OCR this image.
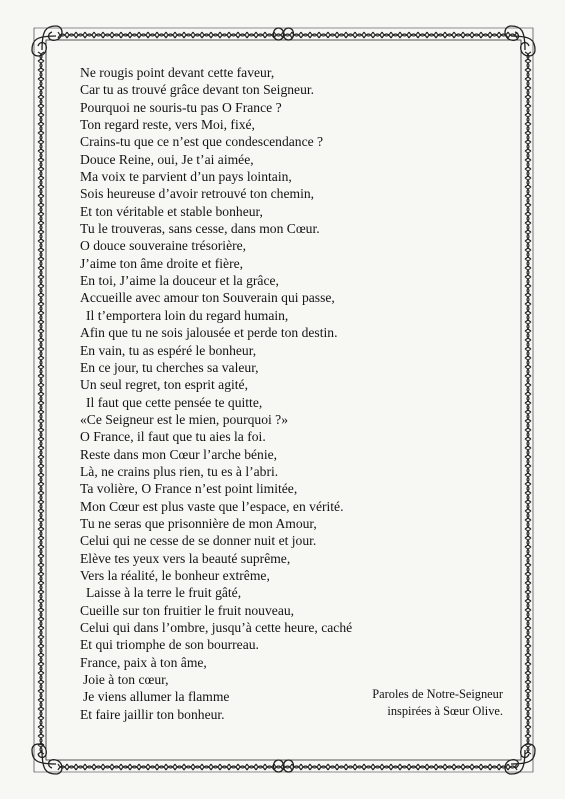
Ne rougis point devant cette faveur,
Car tu as trouvé grâce devant ton Seigneur.
Pourquoi ne souris-tu pas O France ?
Ton regard reste, vers Moi, fixé,
Crains-tu que ce n’est que condescendance ?
Douce Reine, oui, Je t’ai aimée,
Ma voix te parvient d’un pays lointain,
Sois heureuse d’avoir retrouvé ton chemin,
Et ton véritable et stable bonheur,
Tu le trouveras, sans cesse, dans mon Cœur.
O douce souveraine trésorière,
J’aime ton âme droite et fière,
En toi, J’aime la douceur et la grâce,
Accueille avec amour ton Souverain qui passe,
Il t’emportera loin du regard humain,
Afin que tu ne sois jalousée et perde ton destin.
En vain, tu as espéré le bonheur,
En ce jour, tu cherches sa valeur,
Un seul regret, ton esprit agité,
Il faut que cette pensée te quitte,
«Ce Seigneur est le mien, pourquoi ?»
O France, il faut que tu aies la foi.
Reste dans mon Cœur l’arche bénie,
Là, ne crains plus rien, tu es à l’abri.
Ta volière, O France n’est point limitée,
Mon Cœur est plus vaste que l’espace, en vérité.
Tu ne seras que prisonnière de mon Amour,
Celui qui ne cesse de se donner nuit et jour.
Elève tes yeux vers la beauté suprême,
Vers la réalité, le bonheur extrême,
Laisse à la terre le fruit gâté,
Cueille sur ton fruitier le fruit nouveau,
Celui qui dans l’ombre, jusqu’à cette heure, caché
Et qui triomphe de son bourreau.
France, paix à ton âme,
Joie à ton cœur,
Je viens allumer la flamme
Et faire jaillir ton bonheur.
Paroles de Notre-Seigneur
inspirées à Sœur Olive.
